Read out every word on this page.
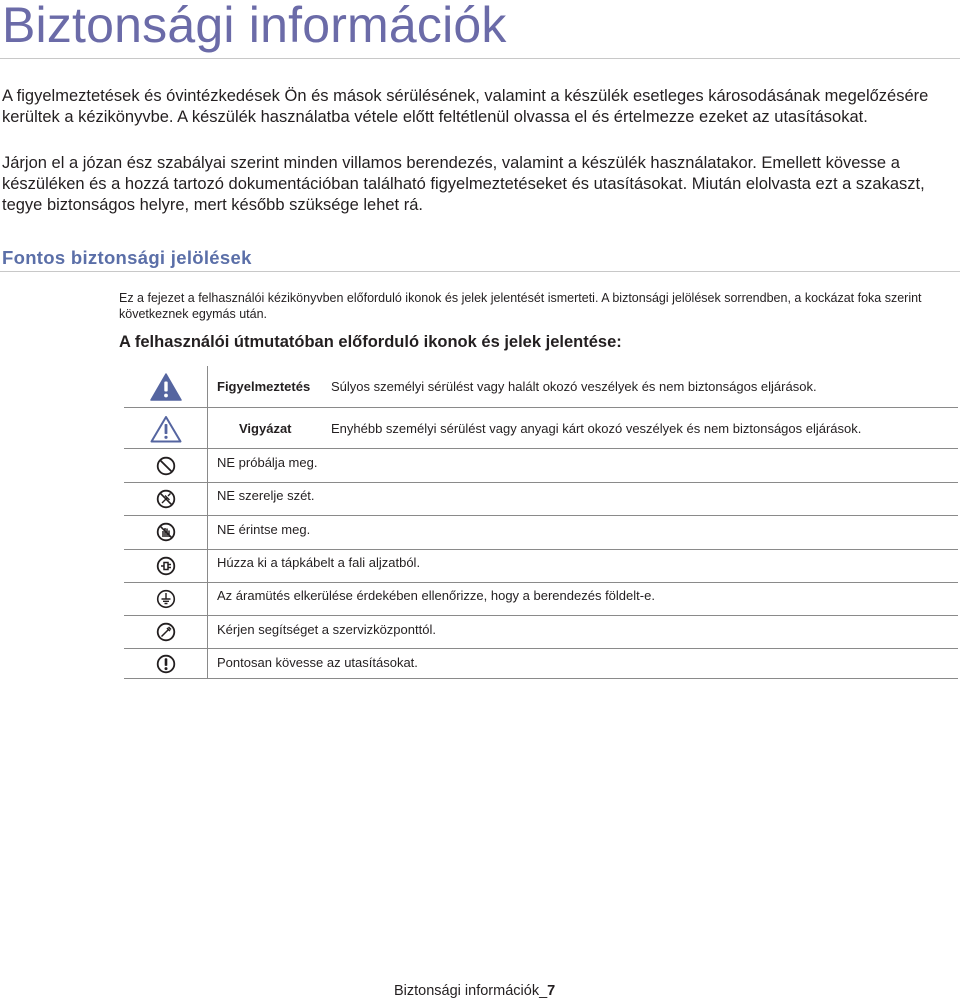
Biztonsági információk

A figyelmeztetések és óvintézkedések Ön és mások sérülésének, valamint a készülék esetleges károsodásának megelőzésére kerültek a kézikönyvbe. A készülék használatba vétele előtt feltétlenül olvassa el és értelmezze ezeket az utasításokat.

Járjon el a józan ész szabályai szerint minden villamos berendezés, valamint a készülék használatakor. Emellett kövesse a készüléken és a hozzá tartozó dokumentációban található figyelmeztetéseket és utasításokat. Miután elolvasta ezt a szakaszt, tegye biztonságos helyre, mert később szüksége lehet rá.

Fontos biztonsági jelölések

Ez a fejezet a felhasználói kézikönyvben előforduló ikonok és jelek jelentését ismerteti. A biztonsági jelölések sorrendben, a kockázat foka szerint következnek egymás után.

A felhasználói útmutatóban előforduló ikonok és jelek jelentése:
Figyelmeztetés Súlyos személyi sérülést vagy halált okozó veszélyek és nem biztonságos eljárások.
Vigyázat	Enyhébb személyi sérülést vagy anyagi kárt okozó veszélyek és nem biztonságos eljárások.
NE próbálja meg.
NE szerelje szét.
NE érintse meg.
Húzza ki a tápkábelt a fali aljzatból.
Az áramütés elkerülése érdekében ellenőrizze, hogy a berendezés földelt-e.
Kérjen segítséget a szervizközponttól.
Pontosan kövesse az utasításokat.

Biztonsági információk_7
